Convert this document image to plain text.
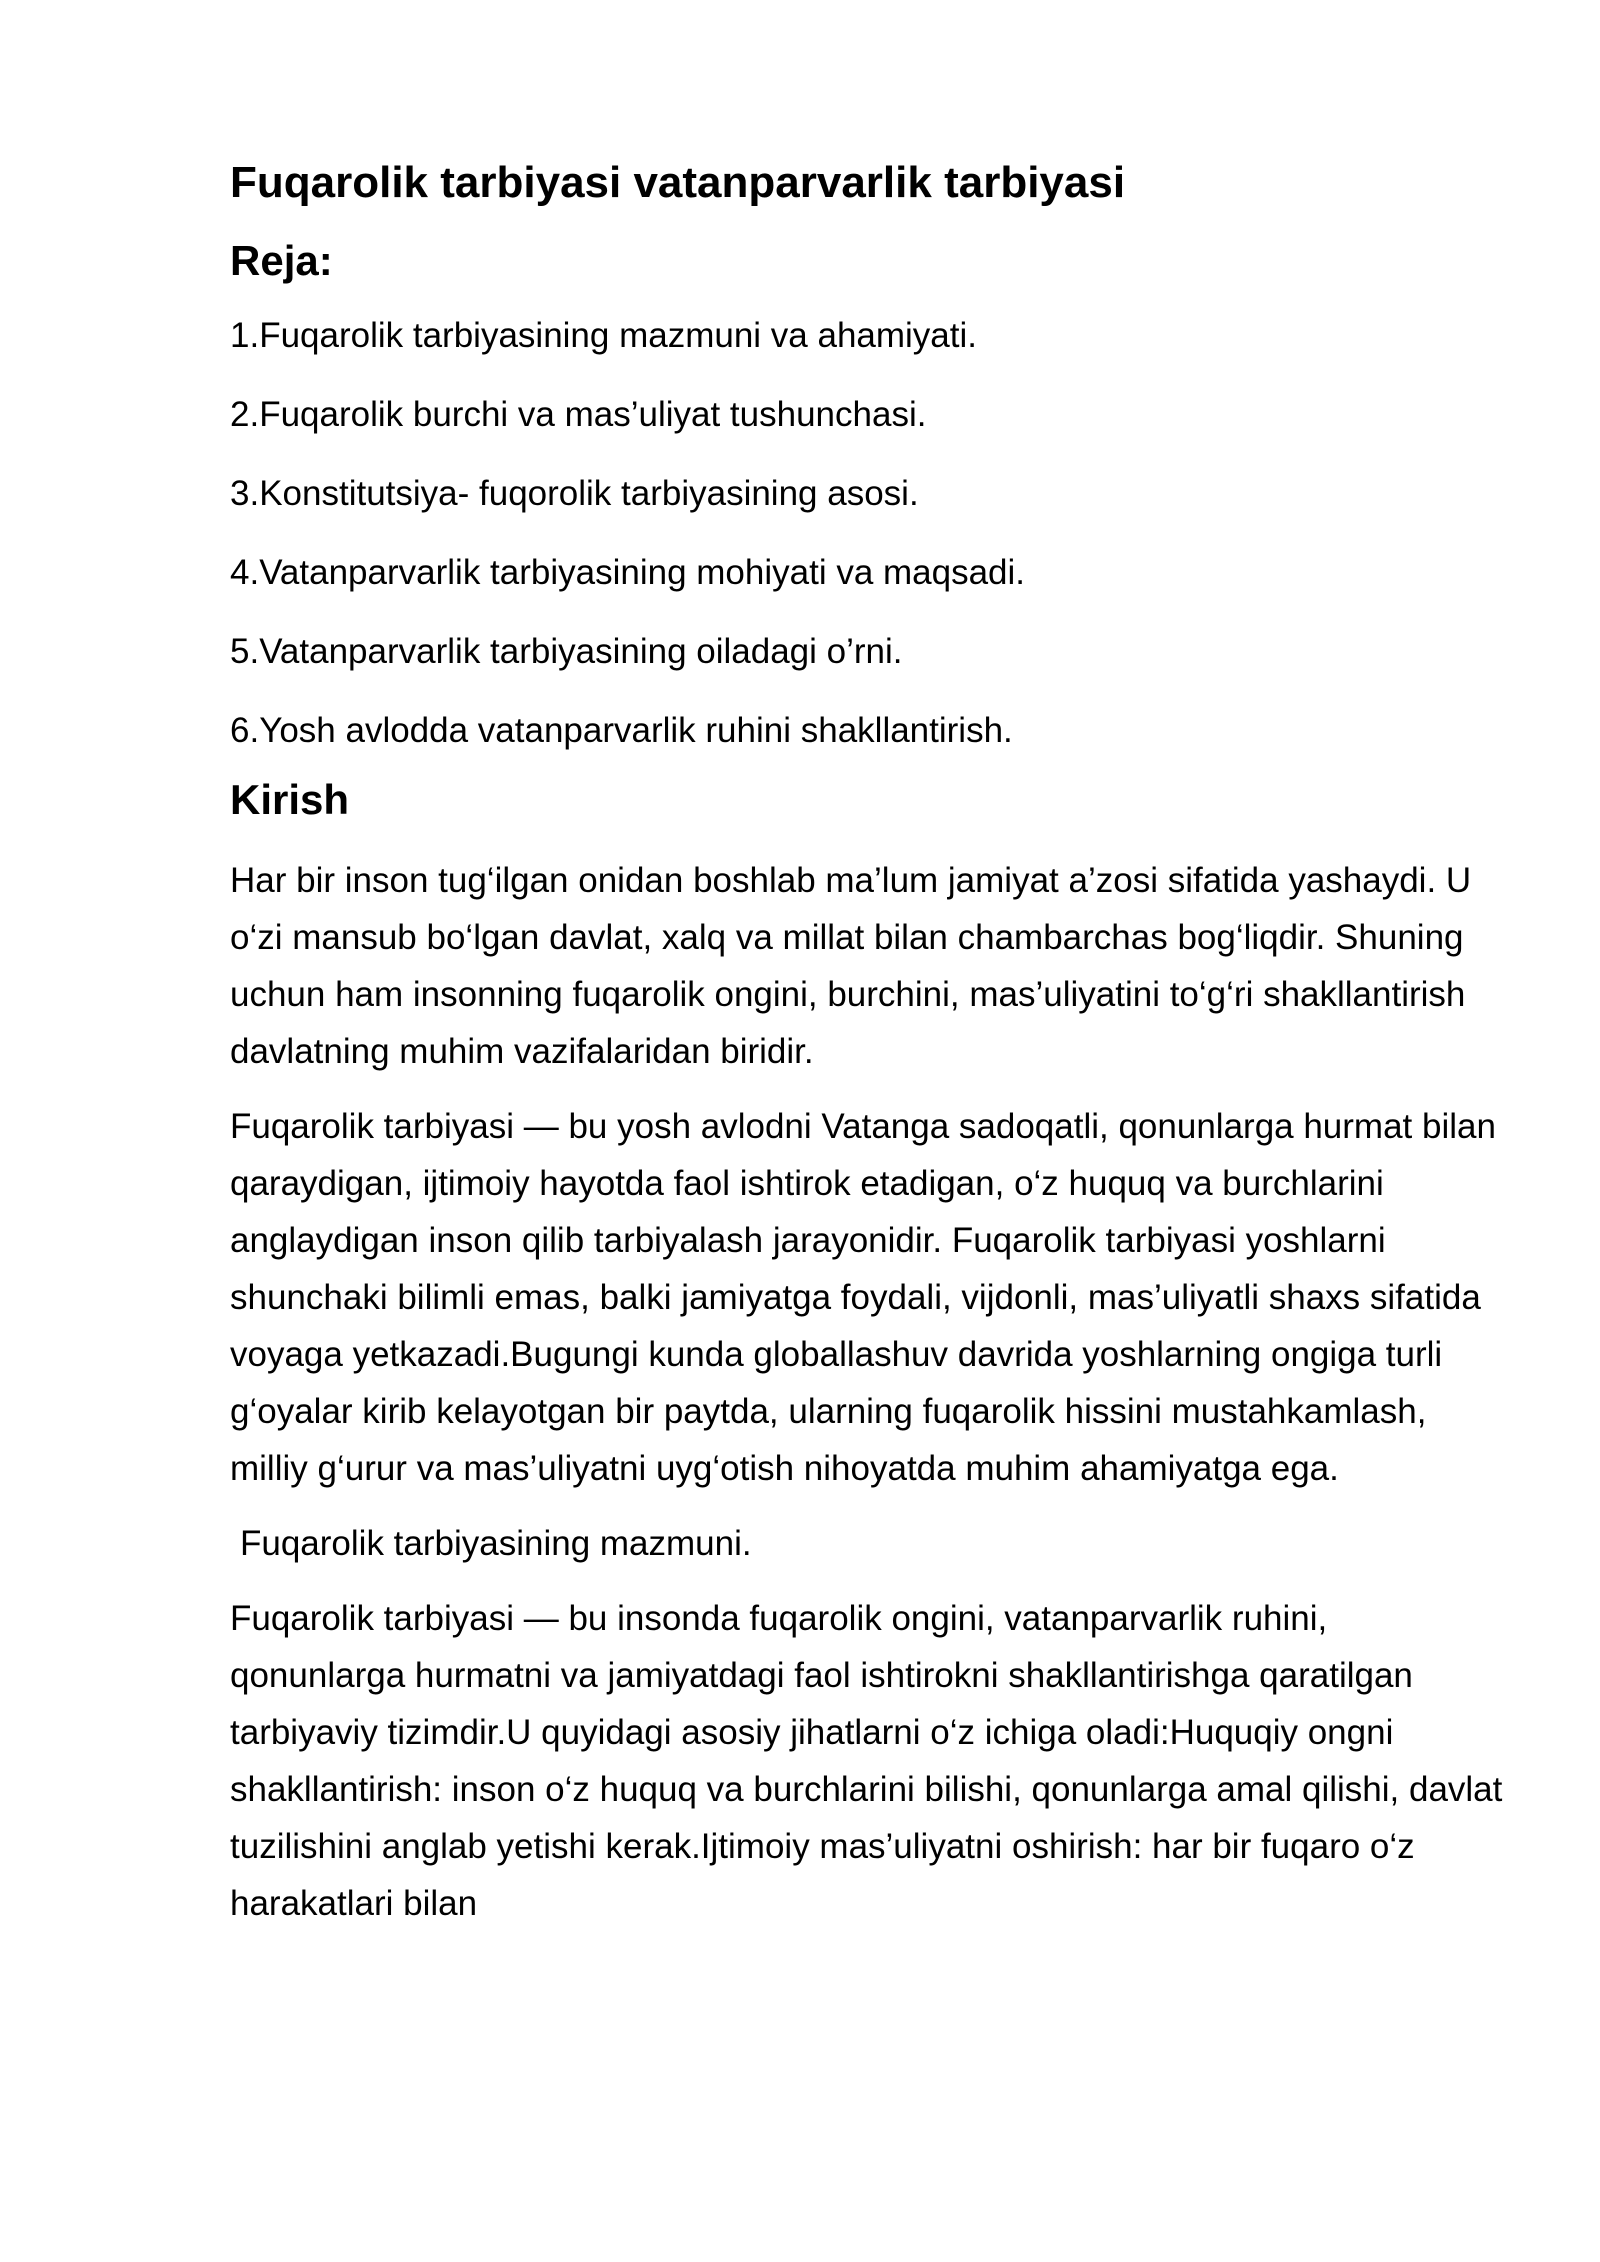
Fuqarolik tarbiyasi vatanparvarlik tarbiyasi
Reja:
1.Fuqarolik tarbiyasining mazmuni va ahamiyati.
2.Fuqarolik burchi va mas’uliyat tushunchasi.
3.Konstitutsiya- fuqorolik tarbiyasining asosi.
4.Vatanparvarlik tarbiyasining mohiyati va maqsadi.
5.Vatanparvarlik tarbiyasining oiladagi o’rni.
6.Yosh avlodda vatanparvarlik ruhini shakllantirish.
Kirish

Har bir inson tug‘ilgan onidan boshlab ma’lum jamiyat a’zosi sifatida yashaydi. U o‘zi mansub bo‘lgan davlat, xalq va millat bilan chambarchas bog‘liqdir. Shuning uchun ham insonning fuqarolik ongini, burchini, mas’uliyatini to‘g‘ri shakllantirish davlatning muhim vazifalaridan biridir.

Fuqarolik tarbiyasi — bu yosh avlodni Vatanga sadoqatli, qonunlarga hurmat bilan qaraydigan, ijtimoiy hayotda faol ishtirok etadigan, o‘z huquq va burchlarini anglaydigan inson qilib tarbiyalash jarayonidir. Fuqarolik tarbiyasi yoshlarni shunchaki bilimli emas, balki jamiyatga foydali, vijdonli, mas’uliyatli shaxs sifatida voyaga yetkazadi.Bugungi kunda globallashuv davrida yoshlarning ongiga turli g‘oyalar kirib kelayotgan bir paytda, ularning fuqarolik hissini mustahkamlash, milliy g‘urur va mas’uliyatni uyg‘otish nihoyatda muhim ahamiyatga ega.

Fuqarolik tarbiyasining mazmuni.

Fuqarolik tarbiyasi — bu insonda fuqarolik ongini, vatanparvarlik ruhini, qonunlarga hurmatni va jamiyatdagi faol ishtirokni shakllantirishga qaratilgan tarbiyaviy tizimdir.U quyidagi asosiy jihatlarni o‘z ichiga oladi:Huquqiy ongni shakllantirish: inson o‘z huquq va burchlarini bilishi, qonunlarga amal qilishi, davlat tuzilishini anglab yetishi kerak.Ijtimoiy mas’uliyatni oshirish: har bir fuqaro o‘z harakatlari bilan
